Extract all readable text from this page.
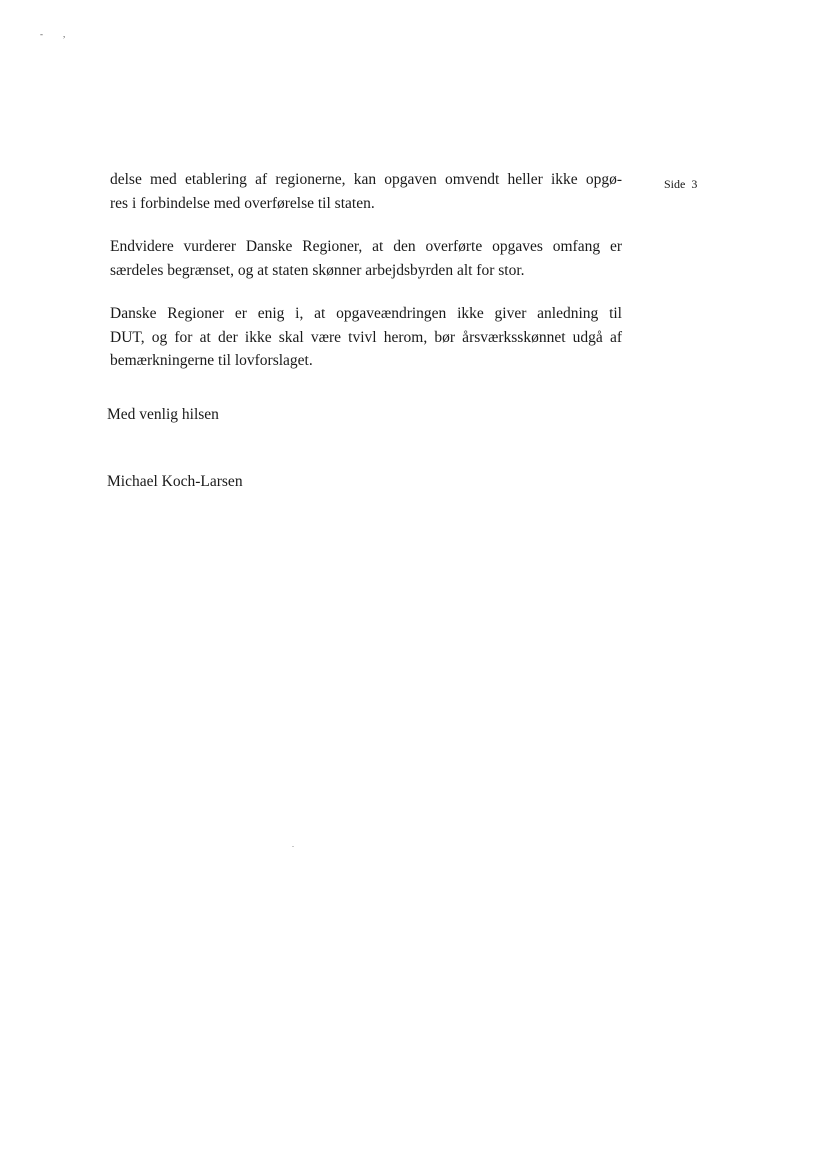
- ,
Side 3

delse med etablering af regionerne, kan opgaven omvendt heller ikke opgø-
res i forbindelse med overførelse til staten.

Endvidere vurderer Danske Regioner, at den overførte opgaves omfang er
særdeles begrænset, og at staten skønner arbejdsbyrden alt for stor.

Danske Regioner er enig i, at opgaveændringen ikke giver anledning til
DUT, og for at der ikke skal være tvivl herom, bør årsværksskønnet udgå af
bemærkningerne til lovforslaget.

Med venlig hilsen
Michael Koch-Larsen
